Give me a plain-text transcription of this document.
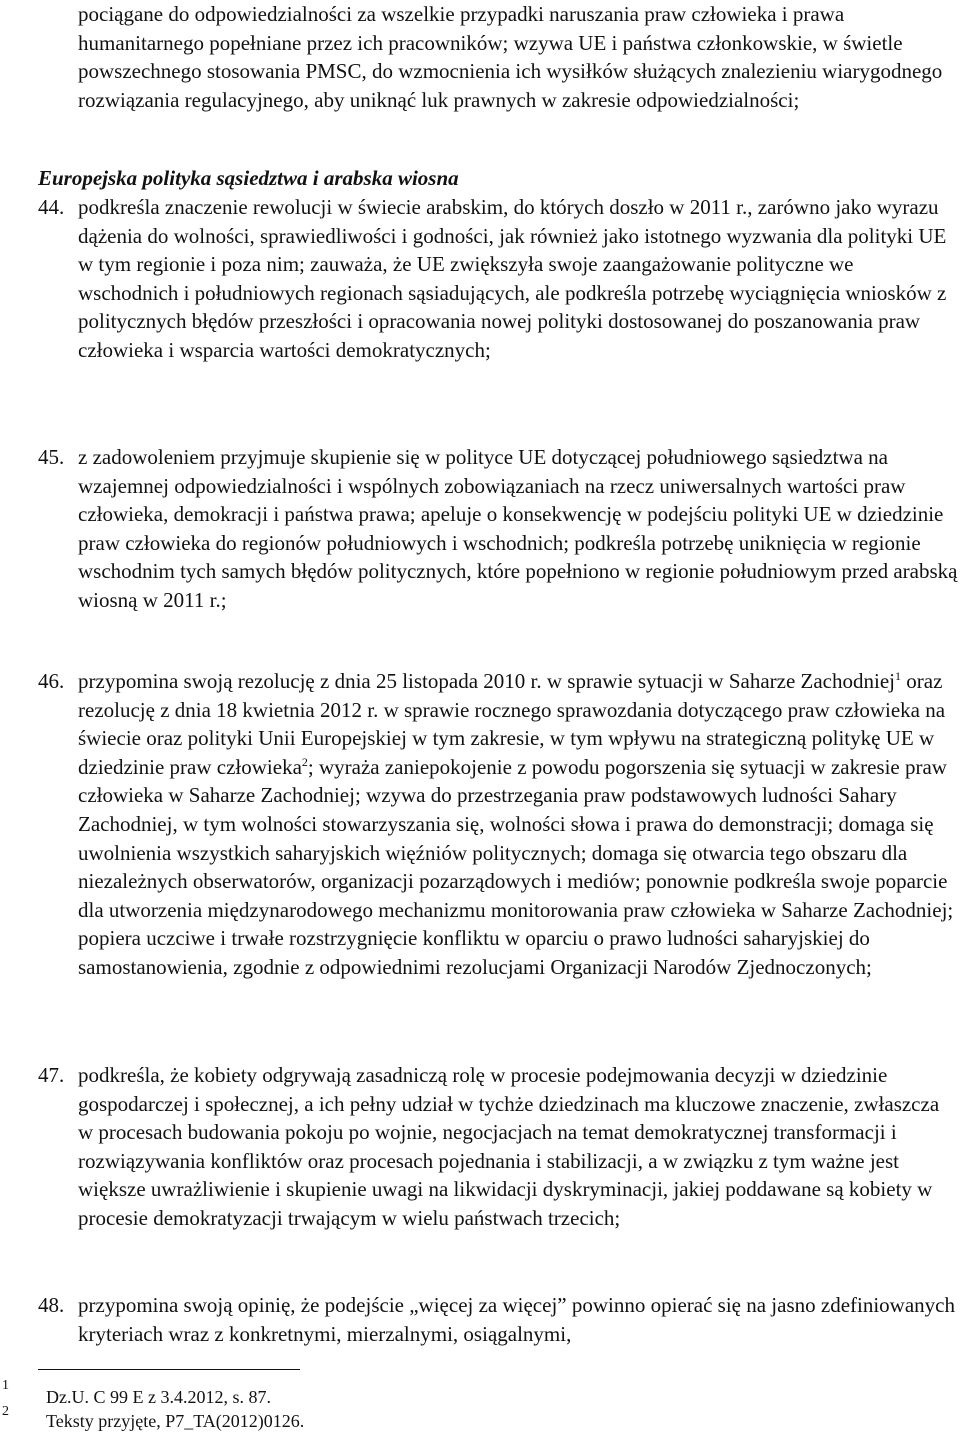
pociągane do odpowiedzialności za wszelkie przypadki naruszania praw człowieka i prawa humanitarnego popełniane przez ich pracowników; wzywa UE i państwa członkowskie, w świetle powszechnego stosowania PMSC, do wzmocnienia ich wysiłków służących znalezieniu wiarygodnego rozwiązania regulacyjnego, aby uniknąć luk prawnych w zakresie odpowiedzialności;

Europejska polityka sąsiedztwa i arabska wiosna
44. podkreśla znaczenie rewolucji w świecie arabskim, do których doszło w 2011 r., zarówno jako wyrazu dążenia do wolności, sprawiedliwości i godności, jak również jako istotnego wyzwania dla polityki UE w tym regionie i poza nim; zauważa, że UE zwiększyła swoje zaangażowanie polityczne we wschodnich i południowych regionach sąsiadujących, ale podkreśla potrzebę wyciągnięcia wniosków z politycznych błędów przeszłości i opracowania nowej polityki dostosowanej do poszanowania praw człowieka i wsparcia wartości demokratycznych;

45. z zadowoleniem przyjmuje skupienie się w polityce UE dotyczącej południowego sąsiedztwa na wzajemnej odpowiedzialności i wspólnych zobowiązaniach na rzecz uniwersalnych wartości praw człowieka, demokracji i państwa prawa; apeluje o konsekwencję w podejściu polityki UE w dziedzinie praw człowieka do regionów południowych i wschodnich; podkreśla potrzebę uniknięcia w regionie wschodnim tych samych błędów politycznych, które popełniono w regionie południowym przed arabską wiosną w 2011 r.;

46. przypomina swoją rezolucję z dnia 25 listopada 2010 r. w sprawie sytuacji w Saharze Zachodniej$^1$ oraz rezolucję z dnia 18 kwietnia 2012 r. w sprawie rocznego sprawozdania dotyczącego praw człowieka na świecie oraz polityki Unii Europejskiej w tym zakresie, w tym wpływu na strategiczną politykę UE w dziedzinie praw człowieka$^2$; wyraża zaniepokojenie z powodu pogorszenia się sytuacji w zakresie praw człowieka w Saharze Zachodniej; wzywa do przestrzegania praw podstawowych ludności Sahary Zachodniej, w tym wolności stowarzyszania się, wolności słowa i prawa do demonstracji; domaga się uwolnienia wszystkich saharyjskich więźniów politycznych; domaga się otwarcia tego obszaru dla niezależnych obserwatorów, organizacji pozarządowych i mediów; ponownie podkreśla swoje poparcie dla utworzenia międzynarodowego mechanizmu monitorowania praw człowieka w Saharze Zachodniej; popiera uczciwe i trwałe rozstrzygnięcie konfliktu w oparciu o prawo ludności saharyjskiej do samostanowienia, zgodnie z odpowiednimi rezolucjami Organizacji Narodów Zjednoczonych;

47. podkreśla, że kobiety odgrywają zasadniczą rolę w procesie podejmowania decyzji w dziedzinie gospodarczej i społecznej, a ich pełny udział w tychże dziedzinach ma kluczowe znaczenie, zwłaszcza w procesach budowania pokoju po wojnie, negocjacjach na temat demokratycznej transformacji i rozwiązywania konfliktów oraz procesach pojednania i stabilizacji, a w związku z tym ważne jest większe uwrażliwienie i skupienie uwagi na likwidacji dyskryminacji, jakiej poddawane są kobiety w procesie demokratyzacji trwającym w wielu państwach trzecich;

48. przypomina swoją opinię, że podejście „więcej za więcej” powinno opierać się na jasno zdefiniowanych kryteriach wraz z konkretnymi, mierzalnymi, osiągalnymi,

1
Dz.U. C 99 E z 3.4.2012, s. 87.
2 Teksty przyjęte, P7_TA(2012)0126.
